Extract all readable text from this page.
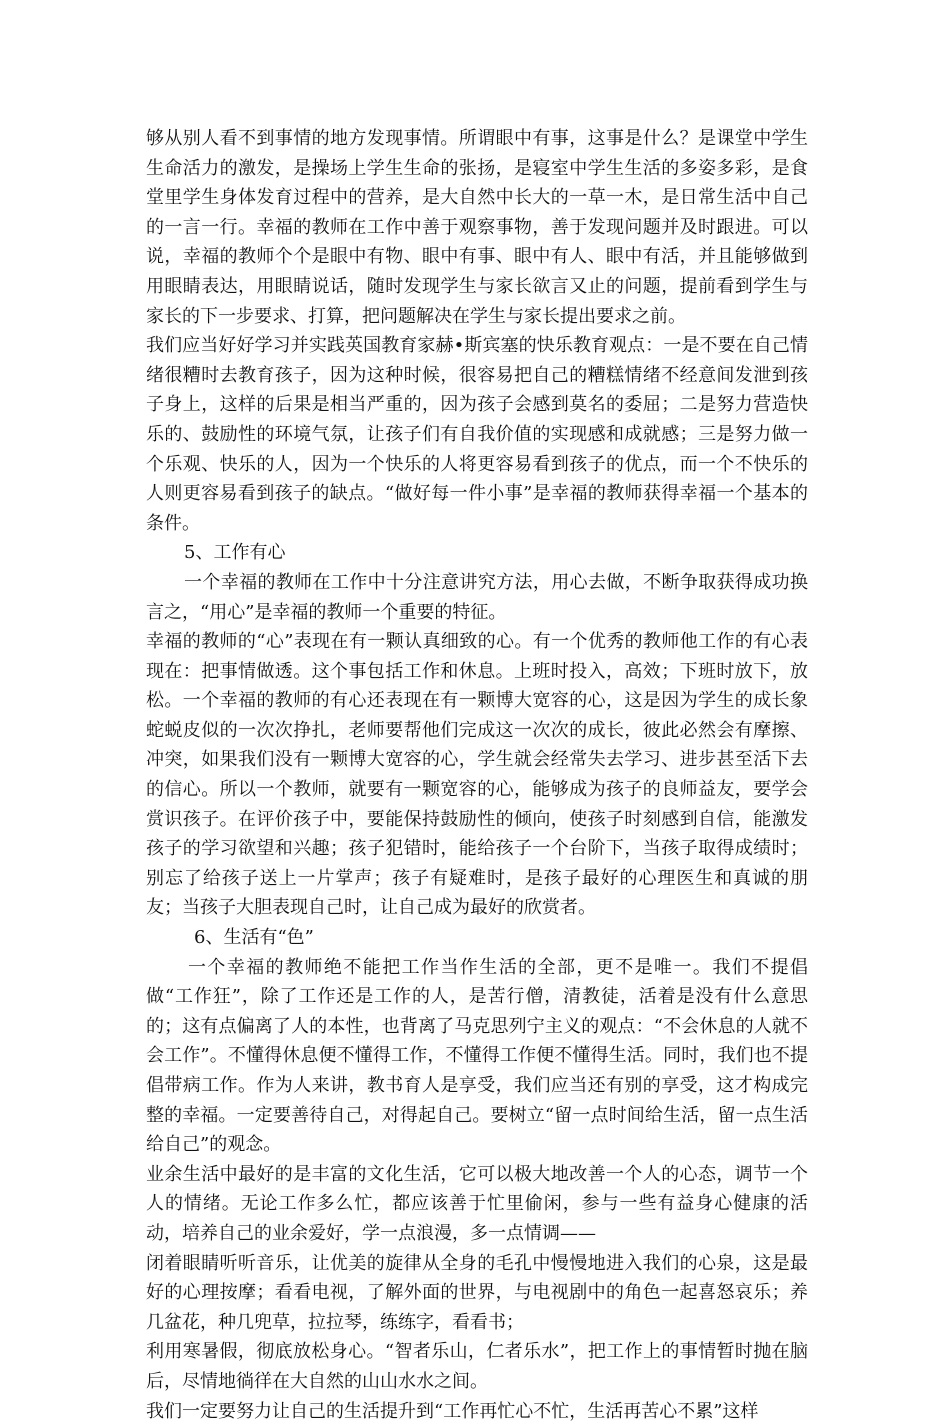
够从别人看不到事情的地方发现事情。所谓眼中有事，这事是什么？是课堂中学生生命活力的激发，是操场上学生生命的张扬，是寝室中学生生活的多姿多彩，是食堂里学生身体发育过程中的营养，是大自然中长大的一草一木，是日常生活中自己的一言一行。幸福的教师在工作中善于观察事物，善于发现问题并及时跟进。可以说，幸福的教师个个是眼中有物、眼中有事、眼中有人、眼中有活，并且能够做到用眼睛表达，用眼睛说话，随时发现学生与家长欲言又止的问题，提前看到学生与家长的下一步要求、打算，把问题解决在学生与家长提出要求之前。

我们应当好好学习并实践英国教育家赫•斯宾塞的快乐教育观点：一是不要在自己情绪很糟时去教育孩子，因为这种时候，很容易把自己的糟糕情绪不经意间发泄到孩子身上，这样的后果是相当严重的，因为孩子会感到莫名的委屈；二是努力营造快乐的、鼓励性的环境气氛，让孩子们有自我价值的实现感和成就感；三是努力做一个乐观、快乐的人，因为一个快乐的人将更容易看到孩子的优点，而一个不快乐的人则更容易看到孩子的缺点。“做好每一件小事”是幸福的教师获得幸福一个基本的条件。

5、工作有心

一个幸福的教师在工作中十分注意讲究方法，用心去做，不断争取获得成功换言之，“用心”是幸福的教师一个重要的特征。

幸福的教师的“心”表现在有一颗认真细致的心。有一个优秀的教师他工作的有心表现在：把事情做透。这个事包括工作和休息。上班时投入，高效；下班时放下，放松。一个幸福的教师的有心还表现在有一颗博大宽容的心，这是因为学生的成长象蛇蜕皮似的一次次挣扎，老师要帮他们完成这一次次的成长，彼此必然会有摩擦、冲突，如果我们没有一颗博大宽容的心，学生就会经常失去学习、进步甚至活下去的信心。所以一个教师，就要有一颗宽容的心，能够成为孩子的良师益友，要学会赏识孩子。在评价孩子中，要能保持鼓励性的倾向，使孩子时刻感到自信，能激发孩子的学习欲望和兴趣；孩子犯错时，能给孩子一个台阶下，当孩子取得成绩时；别忘了给孩子送上一片掌声；孩子有疑难时，是孩子最好的心理医生和真诚的朋友；当孩子大胆表现自己时，让自己成为最好的欣赏者。

6、生活有“色”

一个幸福的教师绝不能把工作当作生活的全部，更不是唯一。我们不提倡做“工作狂”，除了工作还是工作的人，是苦行僧，清教徒，活着是没有什么意思的；这有点偏离了人的本性，也背离了马克思列宁主义的观点：“不会休息的人就不会工作”。不懂得休息便不懂得工作，不懂得工作便不懂得生活。同时，我们也不提倡带病工作。作为人来讲，教书育人是享受，我们应当还有别的享受，这才构成完整的幸福。一定要善待自己，对得起自己。要树立“留一点时间给生活，留一点生活给自己”的观念。

业余生活中最好的是丰富的文化生活，它可以极大地改善一个人的心态，调节一个人的情绪。无论工作多么忙，都应该善于忙里偷闲，参与一些有益身心健康的活动，培养自己的业余爱好，学一点浪漫，多一点情调——

闭着眼睛听听音乐，让优美的旋律从全身的毛孔中慢慢地进入我们的心泉，这是最好的心理按摩；看看电视，了解外面的世界，与电视剧中的角色一起喜怒哀乐；养几盆花，种几兜草，拉拉琴，练练字，看看书；

利用寒暑假，彻底放松身心。“智者乐山，仁者乐水”，把工作上的事情暂时抛在脑后，尽情地徜徉在大自然的山山水水之间。

我们一定要努力让自己的生活提升到“工作再忙心不忙，生活再苦心不累”这样
